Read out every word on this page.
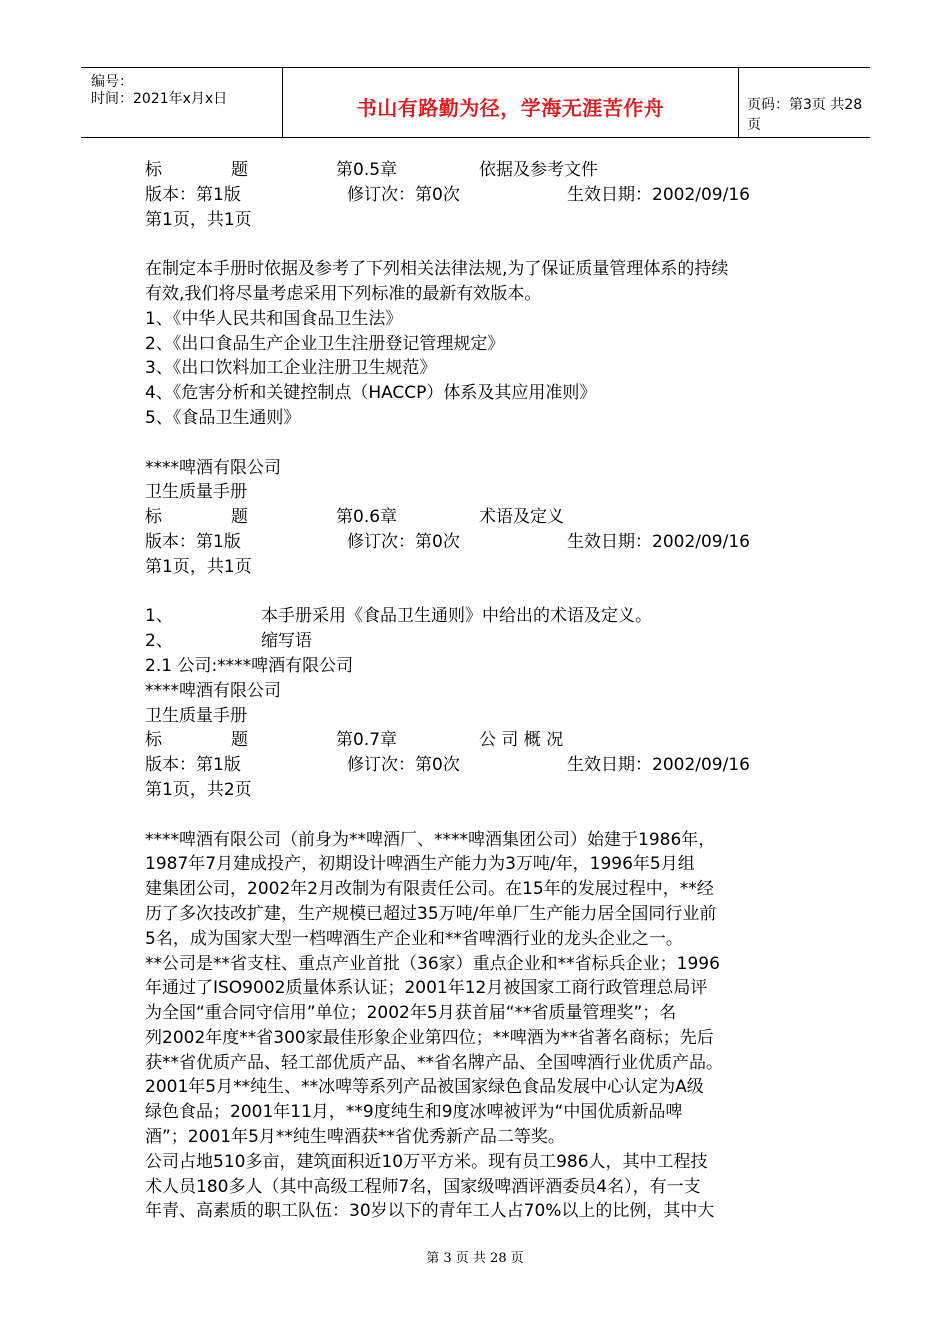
编号：
时间：2021年x月x日	书山有路勤为径，学海无涯苦作舟	页码：第3页 共28页
标	题	第0.5章	依据及参考文件
版本：第1版	修订次：第0次	生效日期：2002/09/16
第1页，共1页
在制定本手册时依据及参考了下列相关法律法规,为了保证质量管理体系的持续
有效,我们将尽量考虑采用下列标准的最新有效版本。
1、《中华人民共和国食品卫生法》
2、《出口食品生产企业卫生注册登记管理规定》
3、《出口饮料加工企业注册卫生规范》
4、《危害分析和关键控制点（HACCP）体系及其应用准则》
5、《食品卫生通则》
****啤酒有限公司
卫生质量手册
标	题	第0.6章	术语及定义
版本：第1版	修订次：第0次	生效日期：2002/09/16
第1页，共1页
1、	本手册采用《食品卫生通则》中给出的术语及定义。
2、	缩写语
2.1 公司:****啤酒有限公司
****啤酒有限公司
卫生质量手册
标	题	第0.7章	公 司 概 况
版本：第1版	修订次：第0次	生效日期：2002/09/16
第1页，共2页
****啤酒有限公司（前身为**啤酒厂、****啤酒集团公司）始建于1986年，
1987年7月建成投产，初期设计啤酒生产能力为3万吨/年，1996年5月组
建集团公司，2002年2月改制为有限责任公司。在15年的发展过程中，**经
历了多次技改扩建，生产规模已超过35万吨/年单厂生产能力居全国同行业前
5名，成为国家大型一档啤酒生产企业和**省啤酒行业的龙头企业之一。
**公司是**省支柱、重点产业首批（36家）重点企业和**省标兵企业；1996
年通过了ISO9002质量体系认证；2001年12月被国家工商行政管理总局评
为全国“重合同守信用”单位；2002年5月获首届“**省质量管理奖”；名
列2002年度**省300家最佳形象企业第四位；**啤酒为**省著名商标；先后
获**省优质产品、轻工部优质产品、**省名牌产品、全国啤酒行业优质产品。
2001年5月**纯生、**冰啤等系列产品被国家绿色食品发展中心认定为A级
绿色食品；2001年11月，**9度纯生和9度冰啤被评为“中国优质新品啤
酒”；2001年5月**纯生啤酒获**省优秀新产品二等奖。
公司占地510多亩，建筑面积近10万平方米。现有员工986人，其中工程技
术人员180多人（其中高级工程师7名，国家级啤酒评酒委员4名），有一支
年青、高素质的职工队伍：30岁以下的青年工人占70%以上的比例，其中大
第 3 页 共 28 页
